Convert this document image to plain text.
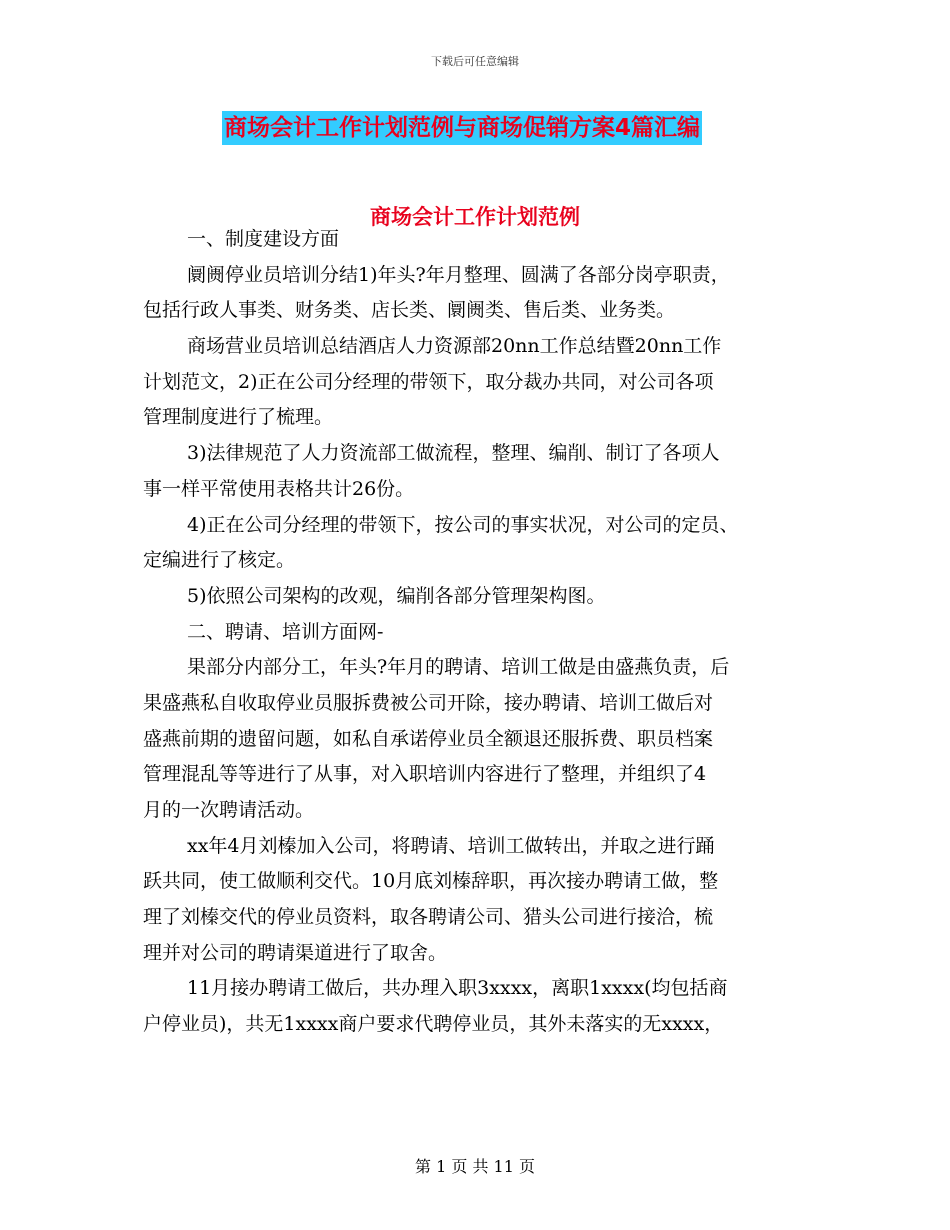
下载后可任意编辑
商场会计工作计划范例与商场促销方案4篇汇编
商场会计工作计划范例
一、制度建设方面
阛阓停业员培训分结1)年头?年月整理、圆满了各部分岗亭职责，
包括行政人事类、财务类、店长类、阛阓类、售后类、业务类。
商场营业员培训总结酒店人力资源部20nn工作总结暨20nn工作
计划范文，2)正在公司分经理的带领下，取分裁办共同，对公司各项
管理制度进行了梳理。
3)法律规范了人力资流部工做流程，整理、编削、制订了各项人
事一样平常使用表格共计26份。
4)正在公司分经理的带领下，按公司的事实状况，对公司的定员、
定编进行了核定。
5)依照公司架构的改观，编削各部分管理架构图。
二、聘请、培训方面网-
果部分内部分工，年头?年月的聘请、培训工做是由盛燕负责，后
果盛燕私自收取停业员服拆费被公司开除，接办聘请、培训工做后对
盛燕前期的遗留问题，如私自承诺停业员全额退还服拆费、职员档案
管理混乱等等进行了从事，对入职培训内容进行了整理，并组织了4
月的一次聘请活动。
xx年4月刘榛加入公司，将聘请、培训工做转出，并取之进行踊
跃共同，使工做顺利交代。10月底刘榛辞职，再次接办聘请工做，整
理了刘榛交代的停业员资料，取各聘请公司、猎头公司进行接洽，梳
理并对公司的聘请渠道进行了取舍。
11月接办聘请工做后，共办理入职3xxxx，离职1xxxx(均包括商
户停业员)，共无1xxxx商户要求代聘停业员，其外未落实的无xxxx，
第 1 页 共 11 页
